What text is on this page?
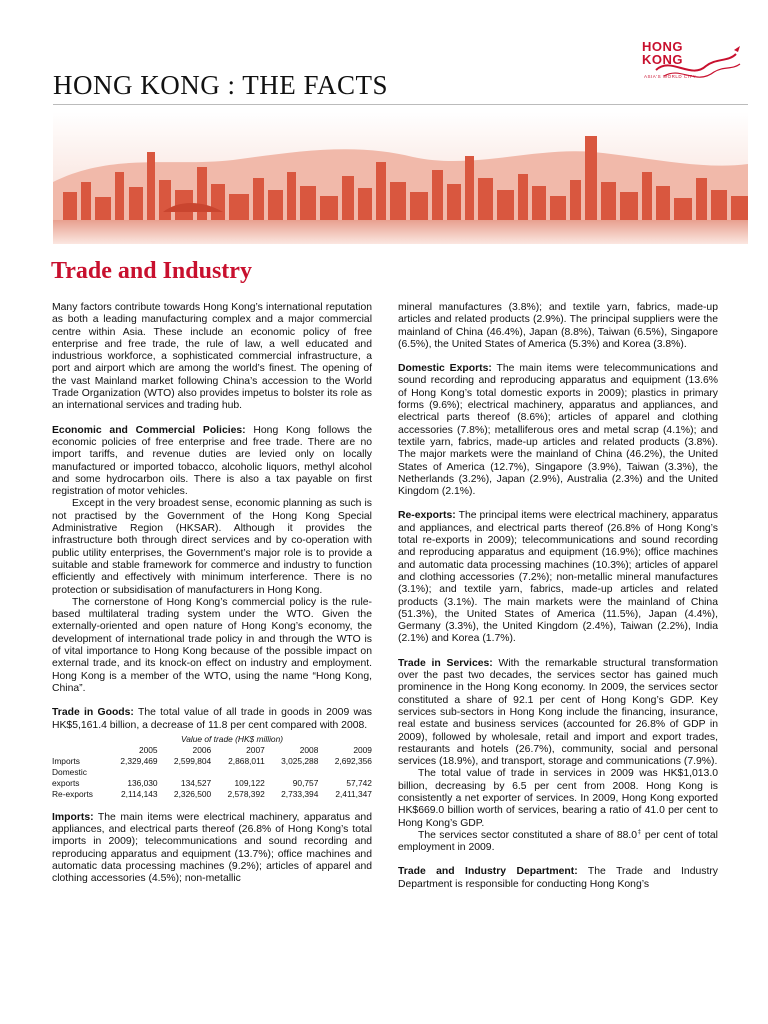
HONG KONG : THE FACTS
HONG
KONG
ASIA'S WORLD CITY
Trade and Industry

Many factors contribute towards Hong Kong’s international reputation as both a leading manufacturing complex and a major commercial centre within Asia. These include an economic policy of free enterprise and free trade, the rule of law, a well educated and industrious workforce, a sophisticated commercial infrastructure, a port and airport which are among the world’s finest. The opening of the vast Mainland market following China’s accession to the World Trade Organization (WTO) also provides impetus to bolster its role as an international services and trading hub.

Economic and Commercial Policies: Hong Kong follows the economic policies of free enterprise and free trade. There are no import tariffs, and revenue duties are levied only on locally manufactured or imported tobacco, alcoholic liquors, methyl alcohol and some hydrocarbon oils. There is also a tax payable on first registration of motor vehicles.

Except in the very broadest sense, economic planning as such is not practised by the Government of the Hong Kong Special Administrative Region (HKSAR). Although it provides the infrastructure both through direct services and by co-operation with public utility enterprises, the Government’s major role is to provide a suitable and stable framework for commerce and industry to function efficiently and effectively with minimum interference. There is no protection or subsidisation of manufacturers in Hong Kong.

The cornerstone of Hong Kong’s commercial policy is the rule-based multilateral trading system under the WTO. Given the externally-oriented and open nature of Hong Kong’s economy, the development of international trade policy in and through the WTO is of vital importance to Hong Kong because of the possible impact on external trade, and its knock-on effect on industry and employment. Hong Kong is a member of the WTO, using the name “Hong Kong, China”.

Trade in Goods: The total value of all trade in goods in 2009 was HK$5,161.4 billion, a decrease of 11.8 per cent compared with 2008.

Value of trade (HK$ million)
2005	2006	2007	2008	2009
Imports	2,329,469	2,599,804	2,868,011	3,025,288	2,692,356
Domestic
exports	136,030	134,527	109,122	90,757	57,742
Re-exports	2,114,143	2,326,500	2,578,392	2,733,394	2,411,347

Imports: The main items were electrical machinery, apparatus and appliances, and electrical parts thereof (26.8% of Hong Kong’s total imports in 2009); telecommunications and sound recording and reproducing apparatus and equipment (13.7%); office machines and automatic data processing machines (9.2%); articles of apparel and clothing accessories (4.5%); non-metallic

mineral manufactures (3.8%); and textile yarn, fabrics, made-up articles and related products (2.9%). The principal suppliers were the mainland of China (46.4%), Japan (8.8%), Taiwan (6.5%), Singapore (6.5%), the United States of America (5.3%) and Korea (3.8%).

Domestic Exports: The main items were telecommunications and sound recording and reproducing apparatus and equipment (13.6% of Hong Kong’s total domestic exports in 2009); plastics in primary forms (9.6%); electrical machinery, apparatus and appliances, and electrical parts thereof (8.6%); articles of apparel and clothing accessories (7.8%); metalliferous ores and metal scrap (4.1%); and textile yarn, fabrics, made-up articles and related products (3.8%). The major markets were the mainland of China (46.2%), the United States of America (12.7%), Singapore (3.9%), Taiwan (3.3%), the Netherlands (3.2%), Japan (2.9%), Australia (2.3%) and the United Kingdom (2.1%).

Re-exports: The principal items were electrical machinery, apparatus and appliances, and electrical parts thereof (26.8% of Hong Kong’s total re-exports in 2009); telecommunications and sound recording and reproducing apparatus and equipment (16.9%); office machines and automatic data processing machines (10.3%); articles of apparel and clothing accessories (7.2%); non-metallic mineral manufactures (3.1%); and textile yarn, fabrics, made-up articles and related products (3.1%). The main markets were the mainland of China (51.3%), the United States of America (11.5%), Japan (4.4%), Germany (3.3%), the United Kingdom (2.4%), Taiwan (2.2%), India (2.1%) and Korea (1.7%).

Trade in Services: With the remarkable structural transformation over the past two decades, the services sector has gained much prominence in the Hong Kong economy. In 2009, the services sector constituted a share of 92.1 per cent of Hong Kong’s GDP. Key services sub-sectors in Hong Kong include the financing, insurance, real estate and business services (accounted for 26.8% of GDP in 2009), followed by wholesale, retail and import and export trades, restaurants and hotels (26.7%), community, social and personal services (18.9%), and transport, storage and communications (7.9%).

The total value of trade in services in 2009 was HK$1,013.0 billion, decreasing by 6.5 per cent from 2008. Hong Kong is consistently a net exporter of services. In 2009, Hong Kong exported HK$669.0 billion worth of services, bearing a ratio of 41.0 per cent to Hong Kong’s GDP.

The services sector constituted a share of 88.0‡ per cent of total employment in 2009.

Trade and Industry Department: The Trade and Industry Department is responsible for conducting Hong Kong’s
